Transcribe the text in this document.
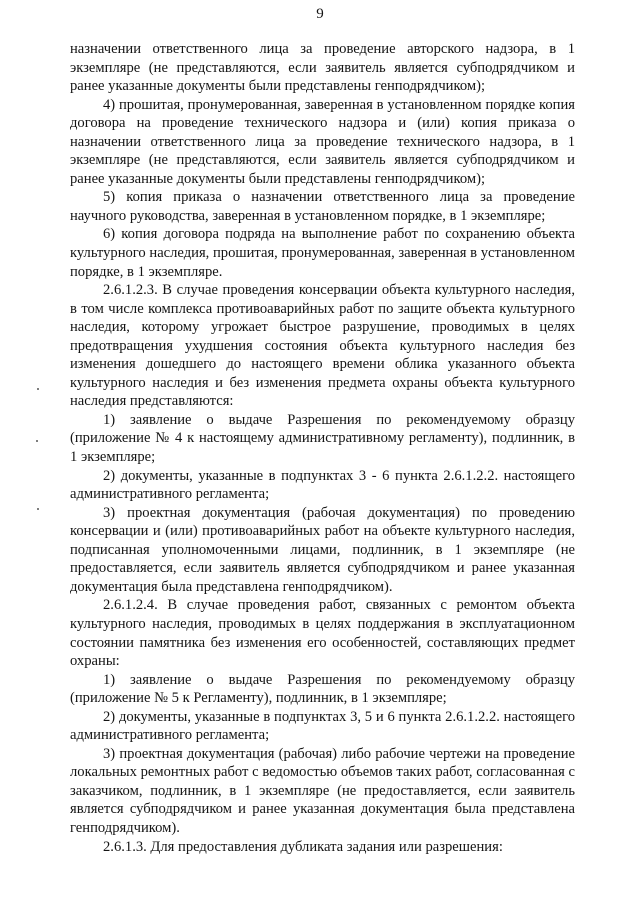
9

назначении ответственного лица за проведение авторского надзора, в 1 экземпляре (не представляются, если заявитель является субподрядчиком и ранее указанные документы были представлены генподрядчиком);

4) прошитая, пронумерованная, заверенная в установленном порядке копия договора на проведение технического надзора и (или) копия приказа о назначении ответственного лица за проведение технического надзора, в 1 экземпляре (не представляются, если заявитель является субподрядчиком и ранее указанные документы были представлены генподрядчиком);

5) копия приказа о назначении ответственного лица за проведение научного руководства, заверенная в установленном порядке, в 1 экземпляре;

6) копия договора подряда на выполнение работ по сохранению объекта культурного наследия, прошитая, пронумерованная, заверенная в установленном порядке, в 1 экземпляре.

2.6.1.2.3. В случае проведения консервации объекта культурного наследия, в том числе комплекса противоаварийных работ по защите объекта культурного наследия, которому угрожает быстрое разрушение, проводимых в целях предотвращения ухудшения состояния объекта культурного наследия без изменения дошедшего до настоящего времени облика указанного объекта культурного наследия и без изменения предмета охраны объекта культурного наследия представляются:

1) заявление о выдаче Разрешения по рекомендуемому образцу (приложение № 4 к настоящему административному регламенту), подлинник, в 1 экземпляре;

2) документы, указанные в подпунктах 3 - 6 пункта 2.6.1.2.2. настоящего административного регламента;

3) проектная документация (рабочая документация) по проведению консервации и (или) противоаварийных работ на объекте культурного наследия, подписанная уполномоченными лицами, подлинник, в 1 экземпляре (не предоставляется, если заявитель является субподрядчиком и ранее указанная документация была представлена генподрядчиком).

2.6.1.2.4. В случае проведения работ, связанных с ремонтом объекта культурного наследия, проводимых в целях поддержания в эксплуатационном состоянии памятника без изменения его особенностей, составляющих предмет охраны:

1) заявление о выдаче Разрешения по рекомендуемому образцу (приложение № 5 к Регламенту), подлинник, в 1 экземпляре;

2) документы, указанные в подпунктах 3, 5 и 6 пункта 2.6.1.2.2. настоящего административного регламента;

3) проектная документация (рабочая) либо рабочие чертежи на проведение локальных ремонтных работ с ведомостью объемов таких работ, согласованная с заказчиком, подлинник, в 1 экземпляре (не предоставляется, если заявитель является субподрядчиком и ранее указанная документация была представлена генподрядчиком).

2.6.1.3. Для предоставления дубликата задания или разрешения:
